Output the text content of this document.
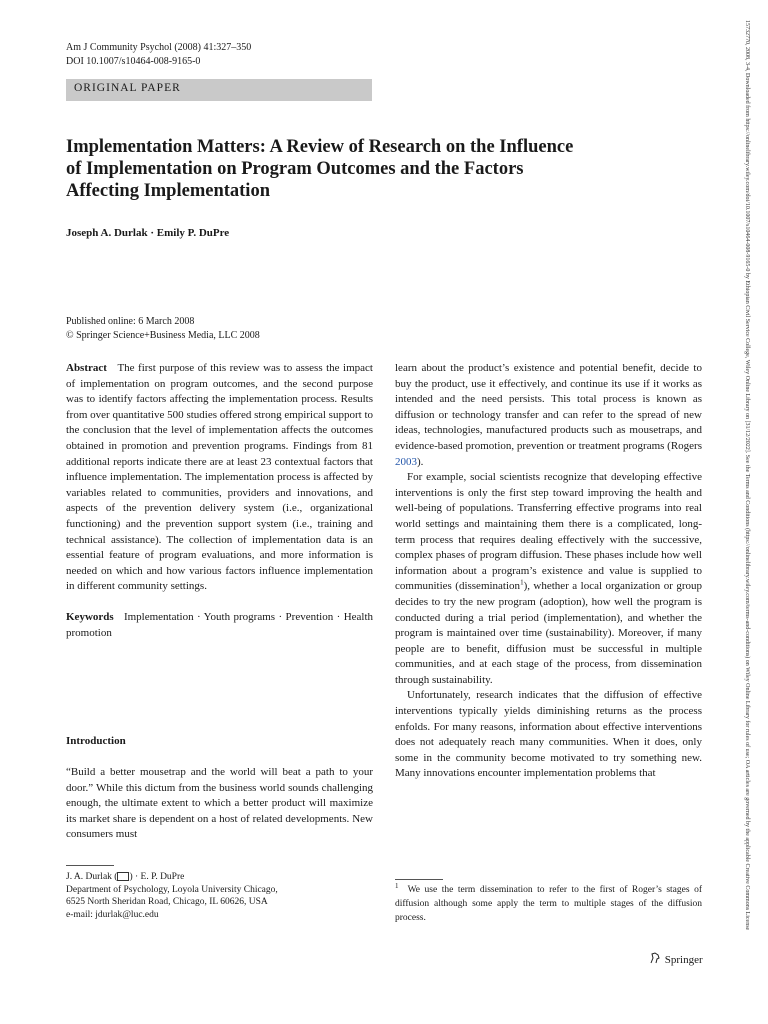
Am J Community Psychol (2008) 41:327–350
DOI 10.1007/s10464-008-9165-0
ORIGINAL PAPER
Implementation Matters: A Review of Research on the Influence
of Implementation on Program Outcomes and the Factors
Affecting Implementation
Joseph A. Durlak · Emily P. DuPre
Published online: 6 March 2008
© Springer Science+Business Media, LLC 2008

Abstract The first purpose of this review was to assess the impact of implementation on program outcomes, and the second purpose was to identify factors affecting the implementation process. Results from over quantitative 500 studies offered strong empirical support to the conclusion that the level of implementation affects the outcomes obtained in promotion and prevention programs. Findings from 81 additional reports indicate there are at least 23 contextual factors that influence implementation. The implementation process is affected by variables related to communities, providers and innovations, and aspects of the prevention delivery system (i.e., organizational functioning) and the prevention support system (i.e., training and technical assistance). The collection of implementation data is an essential feature of program evaluations, and more information is needed on which and how various factors influence implementation in different community settings.

Keywords Implementation · Youth programs · Prevention · Health promotion

Introduction
“Build a better mousetrap and the world will beat a path to your door.” While this dictum from the business world sounds challenging enough, the ultimate extent to which a better product will maximize its market share is dependent on a host of related developments. New consumers must

learn about the product’s existence and potential benefit, decide to buy the product, use it effectively, and continue its use if it works as intended and the need persists. This total process is known as diffusion or technology transfer and can refer to the spread of new ideas, technologies, manufactured products such as mousetraps, and evidence-based promotion, prevention or treatment programs (Rogers 2003).

For example, social scientists recognize that developing effective interventions is only the first step toward improving the health and well-being of populations. Transferring effective programs into real world settings and maintaining them there is a complicated, long-term process that requires dealing effectively with the successive, complex phases of program diffusion. These phases include how well information about a program’s existence and value is supplied to communities (dissemination$^1$), whether a local organization or group decides to try the new program (adoption), how well the program is conducted during a trial period (implementation), and whether the program is maintained over time (sustainability). Moreover, if many people are to benefit, diffusion must be successful in multiple communities, and at each stage of the process, from dissemination through sustainability.

Unfortunately, research indicates that the diffusion of effective interventions typically yields diminishing returns as the process enfolds. For many reasons, information about effective interventions does not adequately reach many communities. When it does, only some in the community become motivated to try something new. Many innovations encounter implementation problems that

J. A. Durlak ( ) · E. P. DuPre
Department of Psychology, Loyola University Chicago,
6525 North Sheridan Road, Chicago, IL 60626, USA
e-mail: jdurlak@luc.edu
$^1$ We use the term dissemination to refer to the first of Roger’s stages of diffusion although some apply the term to multiple stages of the diffusion process.
Springer
15732770, 2008, 3-4, Downloaded from https://onlinelibrary.wiley.com/doi/10.1007/s10464-008-9165-0 by Ethiopian Civil Service College, Wiley Online Library on [31/12/2022]. See the Terms and Conditions (https://onlinelibrary.wiley.com/terms-and-conditions) on Wiley Online Library for rules of use; OA articles are governed by the applicable Creative Commons License
